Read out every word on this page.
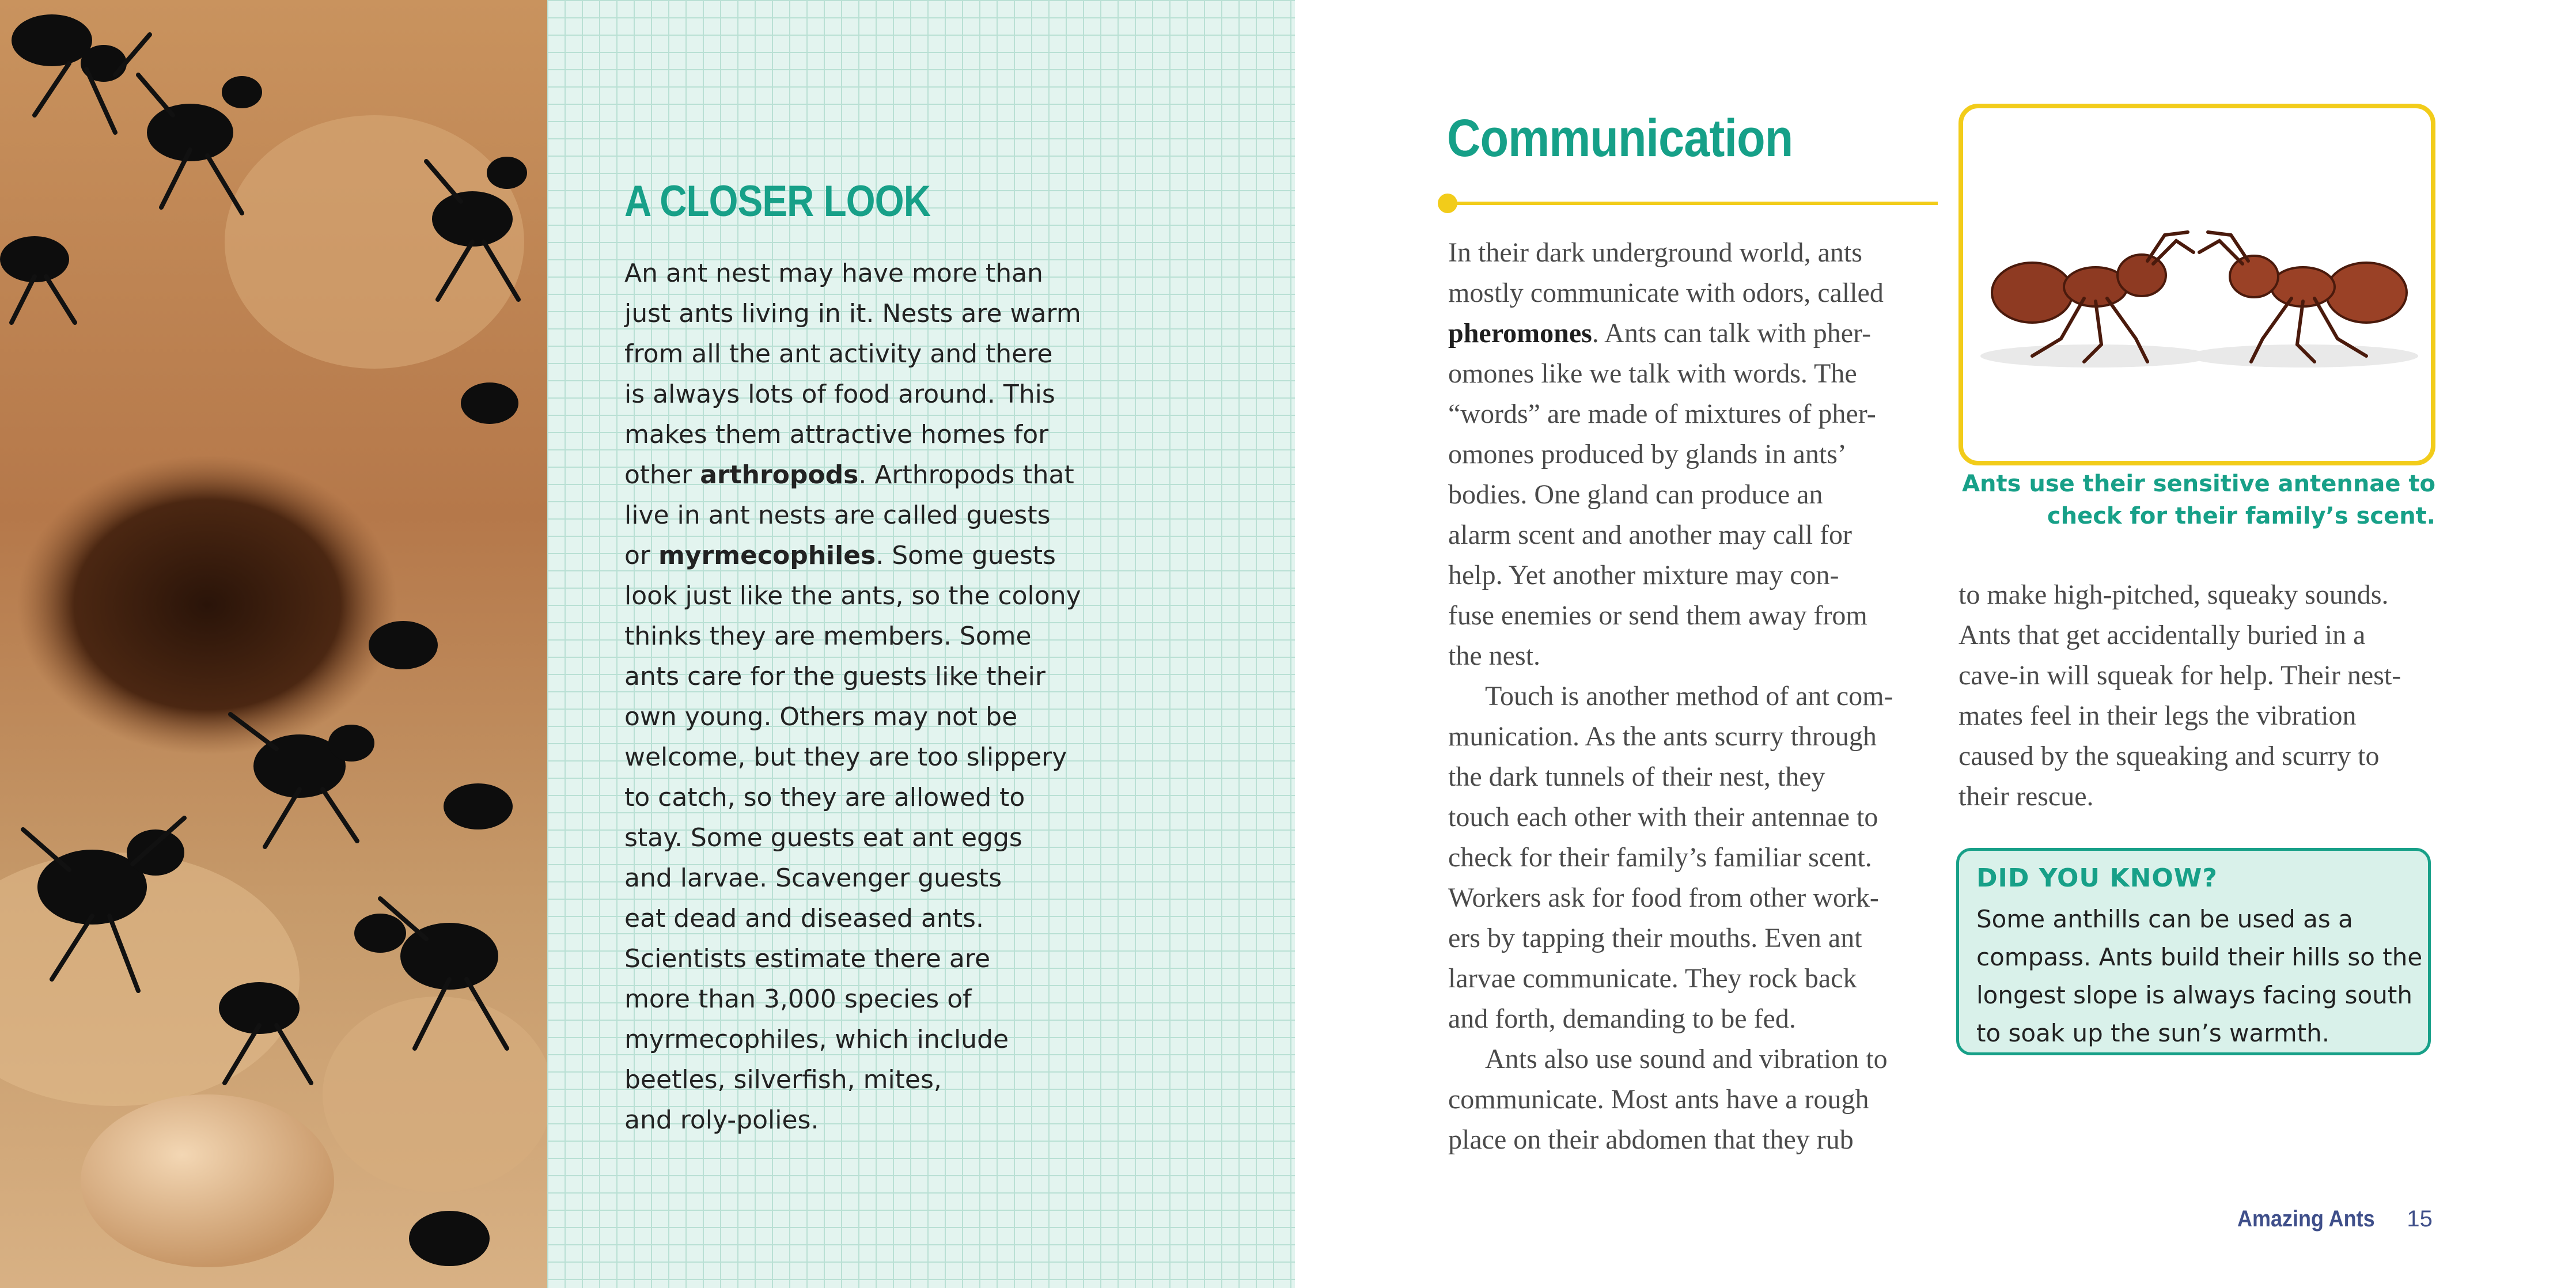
A CLOSER LOOK
An ant nest may have more than
just ants living in it. Nests are warm
from all the ant activity and there
is always lots of food around. This
makes them attractive homes for
other arthropods. Arthropods that
live in ant nests are called guests
or myrmecophiles. Some guests
look just like the ants, so the colony
thinks they are members. Some
ants care for the guests like their
own young. Others may not be
welcome, but they are too slippery
to catch, so they are allowed to
stay. Some guests eat ant eggs
and larvae. Scavenger guests
eat dead and diseased ants.
Scientists estimate there are
more than 3,000 species of
myrmecophiles, which include
beetles, silverfish, mites,
and roly-polies.
Communication
In their dark underground world, ants
mostly communicate with odors, called
pheromones. Ants can talk with pher-
omones like we talk with words. The
“words” are made of mixtures of pher-
omones produced by glands in ants’
bodies. One gland can produce an
alarm scent and another may call for
help. Yet another mixture may con-
fuse enemies or send them away from
the nest.
Touch is another method of ant com-
munication. As the ants scurry through
the dark tunnels of their nest, they
touch each other with their antennae to
check for their family’s familiar scent.
Workers ask for food from other work-
ers by tapping their mouths. Even ant
larvae communicate. They rock back
and forth, demanding to be fed.
Ants also use sound and vibration to
communicate. Most ants have a rough
place on their abdomen that they rub
Ants use their sensitive antennae to
check for their family’s scent.
to make high-pitched, squeaky sounds.
Ants that get accidentally buried in a
cave-in will squeak for help. Their nest-
mates feel in their legs the vibration
caused by the squeaking and scurry to
their rescue.
DID YOU KNOW?
Some anthills can be used as a
compass. Ants build their hills so the
longest slope is always facing south
to soak up the sun’s warmth.
Amazing Ants 15
